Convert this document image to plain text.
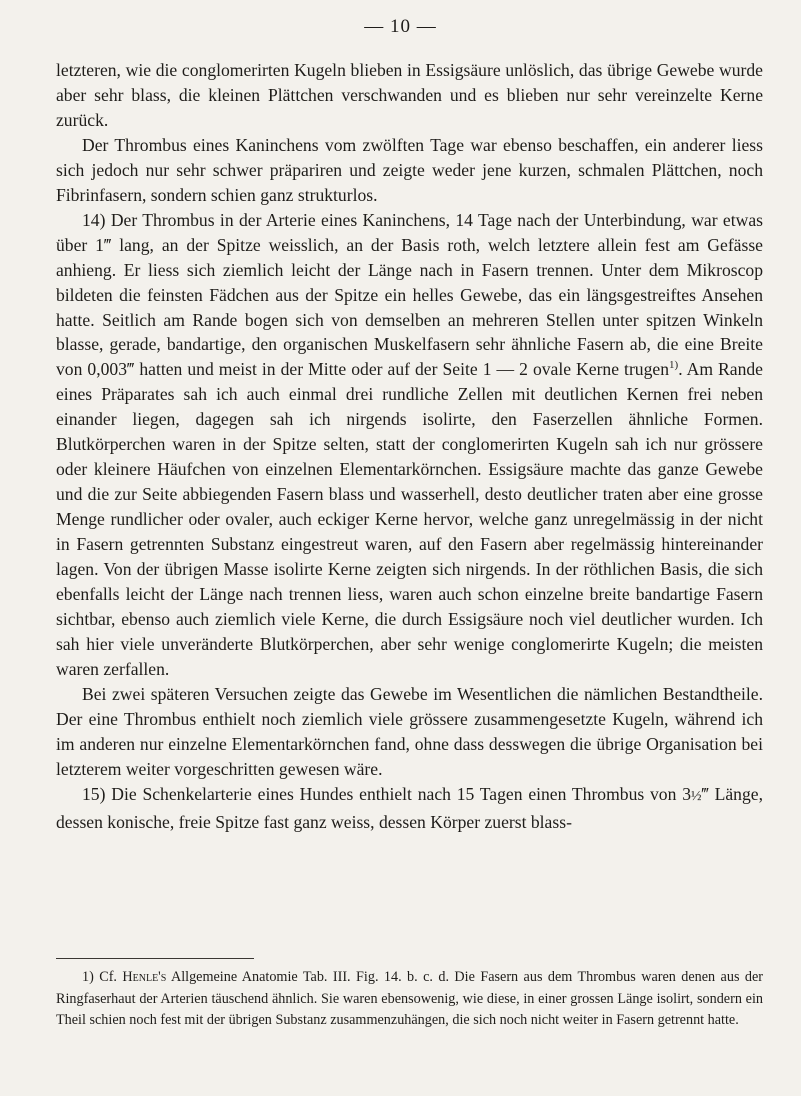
— 10 —

letzteren, wie die conglomerirten Kugeln blieben in Essigsäure unlöslich, das übrige Gewebe wurde aber sehr blass, die kleinen Plättchen verschwanden und es blieben nur sehr vereinzelte Kerne zurück.

Der Thrombus eines Kaninchens vom zwölften Tage war ebenso beschaffen, ein anderer liess sich jedoch nur sehr schwer präpariren und zeigte weder jene kurzen, schmalen Plättchen, noch Fibrinfasern, sondern schien ganz strukturlos.

14) Der Thrombus in der Arterie eines Kaninchens, 14 Tage nach der Unterbindung, war etwas über 1‴ lang, an der Spitze weisslich, an der Basis roth, welch letztere allein fest am Gefässe anhieng. Er liess sich ziemlich leicht der Länge nach in Fasern trennen. Unter dem Mikroscop bildeten die feinsten Fädchen aus der Spitze ein helles Gewebe, das ein längsgestreiftes Ansehen hatte. Seitlich am Rande bogen sich von demselben an mehreren Stellen unter spitzen Winkeln blasse, gerade, bandartige, den organischen Muskelfasern sehr ähnliche Fasern ab, die eine Breite von 0,003‴ hatten und meist in der Mitte oder auf der Seite 1 — 2 ovale Kerne trugen$^{1)}$. Am Rande eines Präparates sah ich auch einmal drei rundliche Zellen mit deutlichen Kernen frei neben einander liegen, dagegen sah ich nirgends isolirte, den Faserzellen ähnliche Formen. Blutkörperchen waren in der Spitze selten, statt der conglomerirten Kugeln sah ich nur grössere oder kleinere Häufchen von einzelnen Elementarkörnchen. Essigsäure machte das ganze Gewebe und die zur Seite abbiegenden Fasern blass und wasserhell, desto deutlicher traten aber eine grosse Menge rundlicher oder ovaler, auch eckiger Kerne hervor, welche ganz unregelmässig in der nicht in Fasern getrennten Substanz eingestreut waren, auf den Fasern aber regelmässig hintereinander lagen. Von der übrigen Masse isolirte Kerne zeigten sich nirgends. In der röthlichen Basis, die sich ebenfalls leicht der Länge nach trennen liess, waren auch schon einzelne breite bandartige Fasern sichtbar, ebenso auch ziemlich viele Kerne, die durch Essigsäure noch viel deutlicher wurden. Ich sah hier viele unveränderte Blutkörperchen, aber sehr wenige conglomerirte Kugeln; die meisten waren zerfallen.

Bei zwei späteren Versuchen zeigte das Gewebe im Wesentlichen die nämlichen Bestandtheile. Der eine Thrombus enthielt noch ziemlich viele grössere zusammengesetzte Kugeln, während ich im anderen nur einzelne Elementarkörnchen fand, ohne dass desswegen die übrige Organisation bei letzterem weiter vorgeschritten gewesen wäre.

15) Die Schenkelarterie eines Hundes enthielt nach 15 Tagen einen Thrombus von 3½‴ Länge, dessen konische, freie Spitze fast ganz weiss, dessen Körper zuerst blass-

1) Cf. Henle's Allgemeine Anatomie Tab. III. Fig. 14. b. c. d. Die Fasern aus dem Thrombus waren denen aus der Ringfaserhaut der Arterien täuschend ähnlich. Sie waren ebensowenig, wie diese, in einer grossen Länge isolirt, sondern ein Theil schien noch fest mit der übrigen Substanz zusammenzuhängen, die sich noch nicht weiter in Fasern getrennt hatte.
